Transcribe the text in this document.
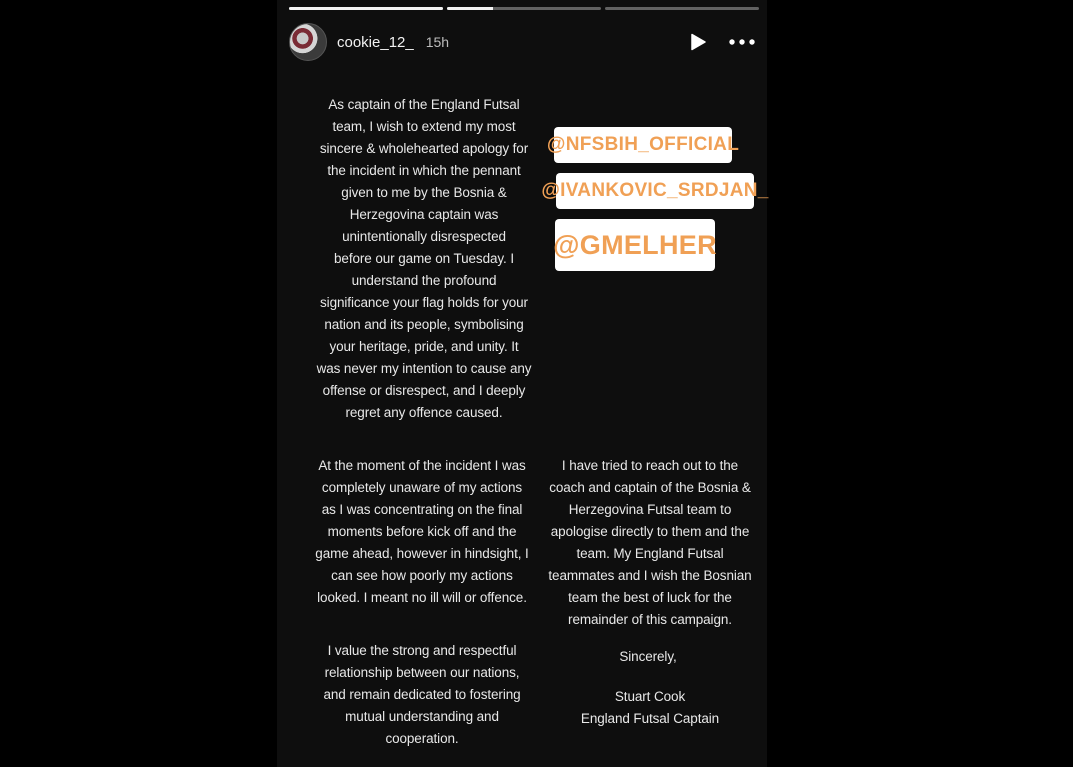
cookie_12_ 15h
As captain of the England Futsal
team, I wish to extend my most
sincere & wholehearted apology for
the incident in which the pennant
given to me by the Bosnia &
Herzegovina captain was
unintentionally disrespected
before our game on Tuesday. I
understand the profound
significance your flag holds for your
nation and its people, symbolising
your heritage, pride, and unity. It
was never my intention to cause any
offense or disrespect, and I deeply
regret any offence caused.
@NFSBIH_OFFICIAL
@IVANKOVIC_SRDJAN_
@GMELHER
At the moment of the incident I was
completely unaware of my actions
as I was concentrating on the final
moments before kick off and the
game ahead, however in hindsight, I
can see how poorly my actions
looked. I meant no ill will or offence.
I value the strong and respectful
relationship between our nations,
and remain dedicated to fostering
mutual understanding and
cooperation.
I have tried to reach out to the
coach and captain of the Bosnia &
Herzegovina Futsal team to
apologise directly to them and the
team. My England Futsal
teammates and I wish the Bosnian
team the best of luck for the
remainder of this campaign.
Sincerely,
Stuart Cook
England Futsal Captain
